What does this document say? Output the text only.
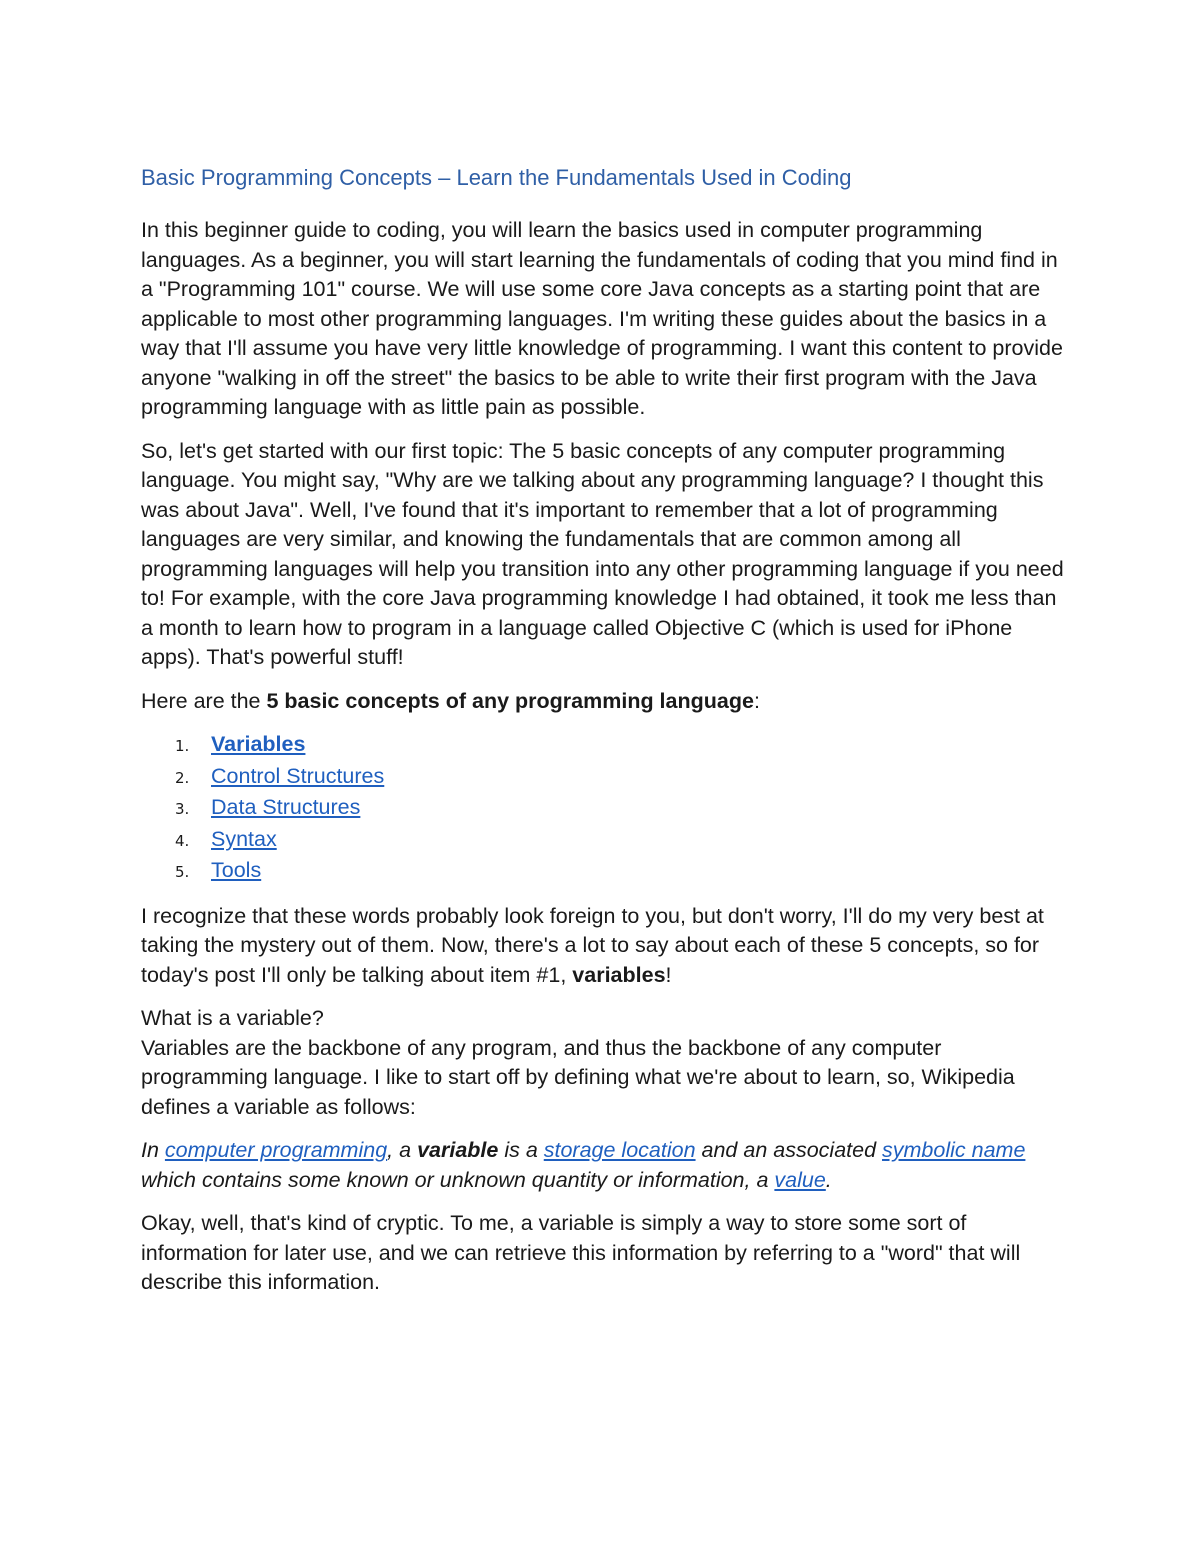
Basic Programming Concepts – Learn the Fundamentals Used in Coding

In this beginner guide to coding, you will learn the basics used in computer programming languages. As a beginner, you will start learning the fundamentals of coding that you mind find in a "Programming 101" course. We will use some core Java concepts as a starting point that are applicable to most other programming languages. I'm writing these guides about the basics in a way that I'll assume you have very little knowledge of programming. I want this content to provide anyone "walking in off the street" the basics to be able to write their first program with the Java programming language with as little pain as possible.

So, let's get started with our first topic: The 5 basic concepts of any computer programming language. You might say, "Why are we talking about any programming language? I thought this was about Java". Well, I've found that it's important to remember that a lot of programming languages are very similar, and knowing the fundamentals that are common among all programming languages will help you transition into any other programming language if you need to! For example, with the core Java programming knowledge I had obtained, it took me less than a month to learn how to program in a language called Objective C (which is used for iPhone apps). That's powerful stuff!

Here are the 5 basic concepts of any programming language:

1.	Variables
2.	Control Structures
3.	Data Structures
4.	Syntax
5.	Tools

I recognize that these words probably look foreign to you, but don't worry, I'll do my very best at taking the mystery out of them. Now, there's a lot to say about each of these 5 concepts, so for today's post I'll only be talking about item #1, variables!

What is a variable?
Variables are the backbone of any program, and thus the backbone of any computer programming language. I like to start off by defining what we're about to learn, so, Wikipedia defines a variable as follows:

In computer programming, a variable is a storage location and an associated symbolic name which contains some known or unknown quantity or information, a value.

Okay, well, that's kind of cryptic. To me, a variable is simply a way to store some sort of information for later use, and we can retrieve this information by referring to a "word" that will describe this information.
